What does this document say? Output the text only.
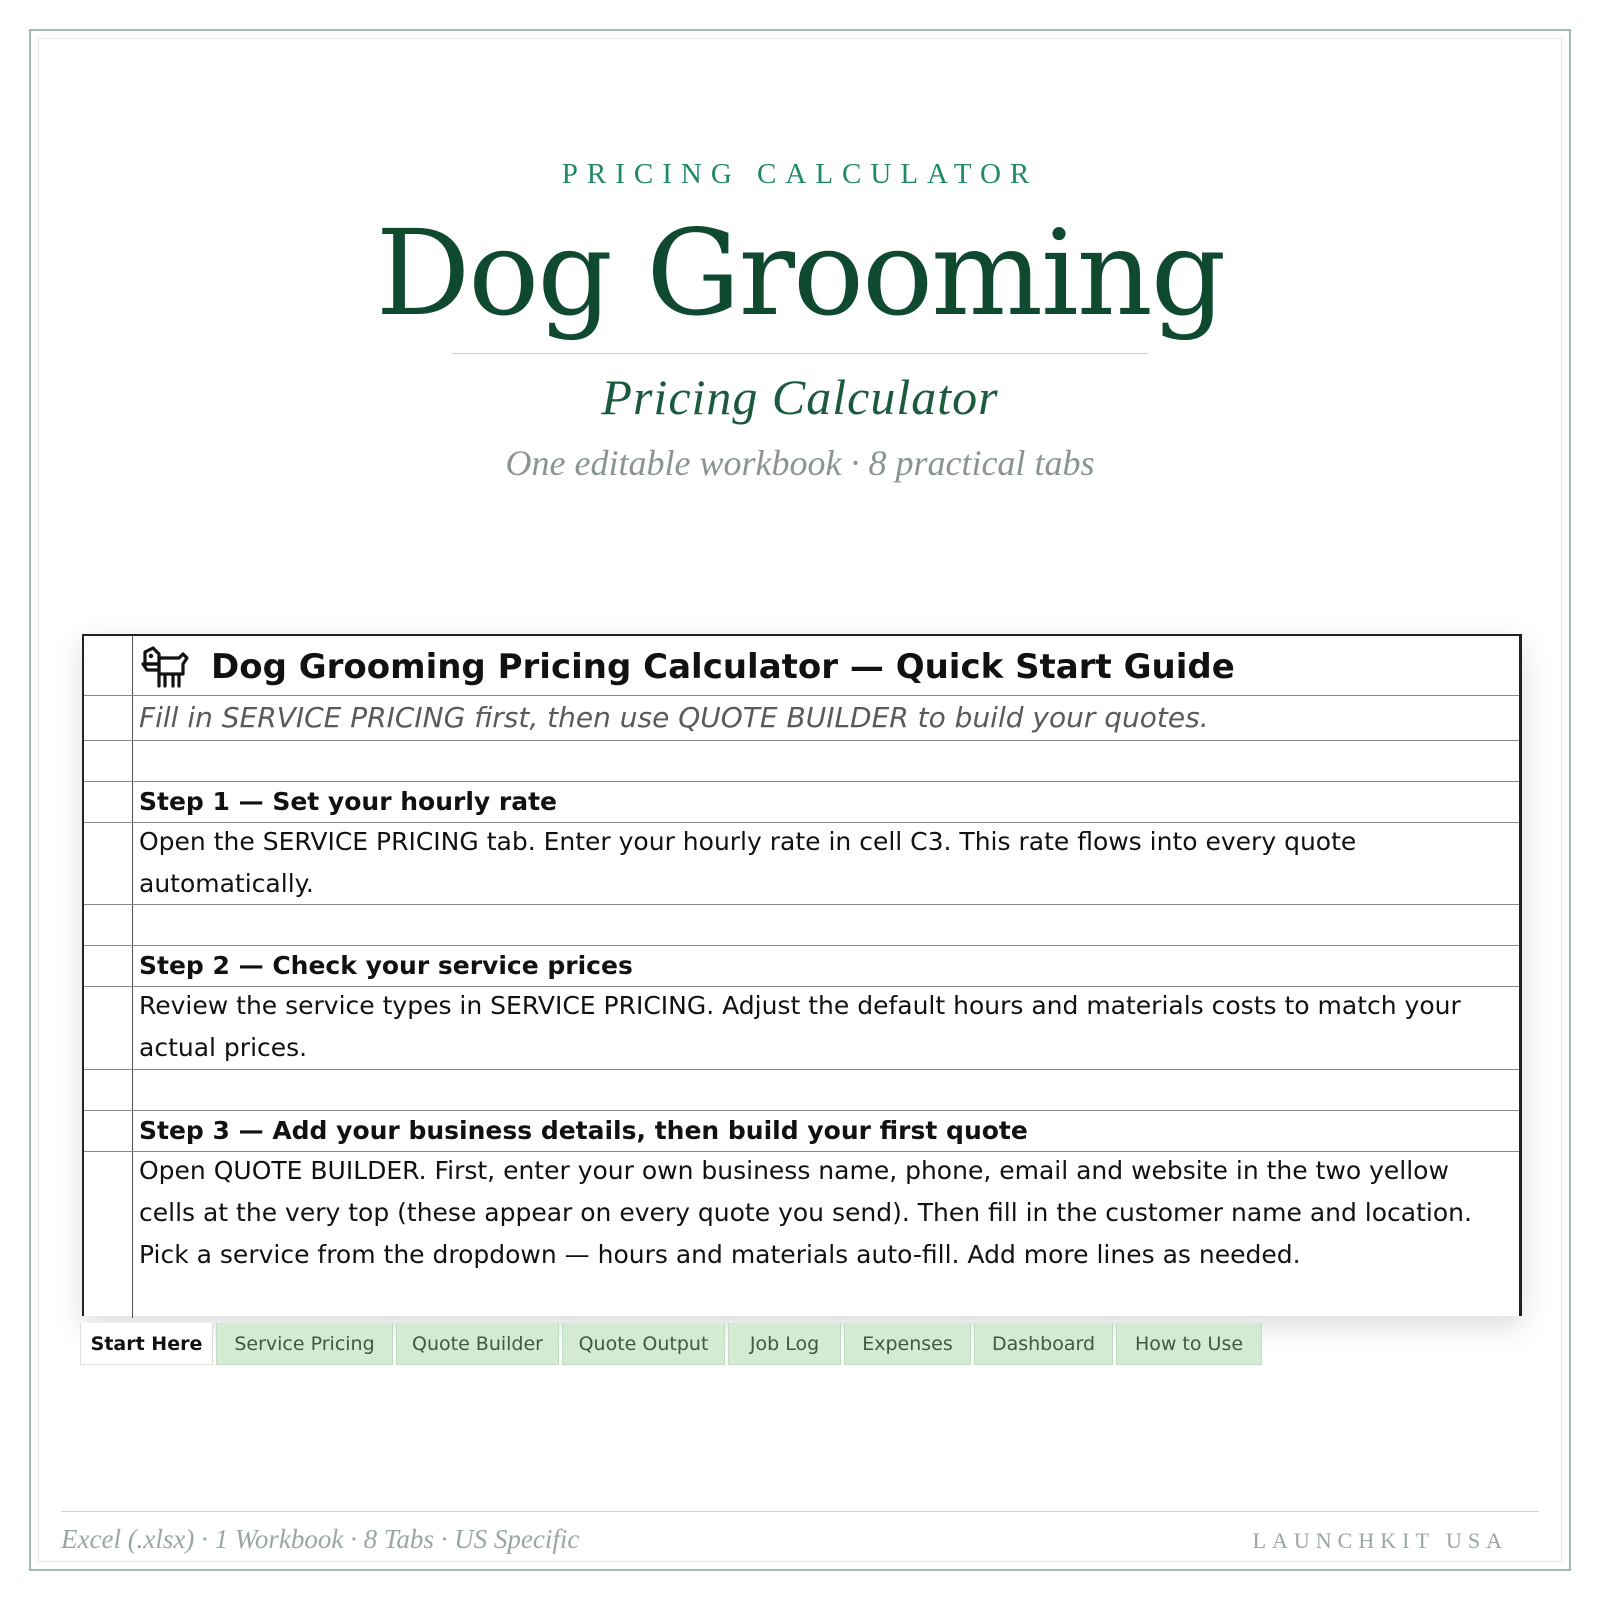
PRICING CALCULATOR
Dog Grooming
Pricing Calculator
One editable workbook · 8 practical tabs
Dog Grooming Pricing Calculator — Quick Start Guide
Fill in SERVICE PRICING first, then use QUOTE BUILDER to build your quotes.
Step 1 — Set your hourly rate
Open the SERVICE PRICING tab. Enter your hourly rate in cell C3. This rate flows into every quote automatically.
Step 2 — Check your service prices
Review the service types in SERVICE PRICING. Adjust the default hours and materials costs to match your actual prices.
Step 3 — Add your business details, then build your first quote
Open QUOTE BUILDER. First, enter your own business name, phone, email and website in the two yellow cells at the very top (these appear on every quote you send). Then fill in the customer name and location. Pick a service from the dropdown — hours and materials auto-fill. Add more lines as needed.
Start Here	Service Pricing	Quote Builder	Quote Output	Job Log	Expenses	Dashboard	How to Use
Excel (.xlsx) · 1 Workbook · 8 Tabs · US Specific	LAUNCHKIT USA
